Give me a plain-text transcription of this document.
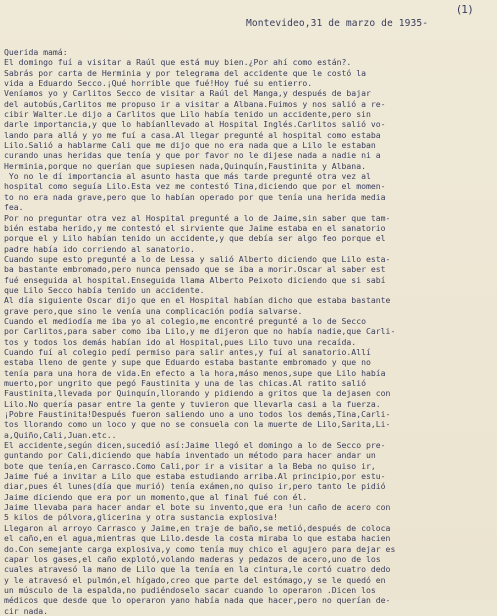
(1)
Montevideo,31 de marzo de 1935-
Querida mamá:
El domingo fuí a visitar a Raúl que está muy bien.¿Por ahí como están?.
Sabrás por carta de Herminia y por telegrama del accidente que le costó la
vida a Eduardo Secco.¡Qué horrible que fué!Hoy fué su entierro.
Veníamos yo y Carlitos Secco de visitar a Raúl del Manga,y después de bajar
del autobús,Carlitos me propuso ir a visitar a Albana.Fuimos y nos salió a re-
cibir Walter.Le dijo a Carlitos que Lilo había tenido un accidente,pero sin
darle importancia,y que lo habíanllevado al Hospital Inglés.Carlitos salió vo-
lando para allá y yo me fuí a casa.Al llegar pregunté al hospital como estaba
Lilo.Salió a hablarme Cali que me dijo que no era nada que a Lilo le estaban
curando unas heridas que tenía y que por favor no le dijese nada a nadie ni a
Herminia,porque no querían que supiesen nada,Quinquín,Faustinita y Albana.
Yo no le dí importancia al asunto hasta que más tarde pregunté otra vez al
hospital como seguía Lilo.Esta vez me contestó Tina,diciendo que por el momen-
to no era nada grave,pero que lo habían operado por que tenía una herida media
fea.
Por no preguntar otra vez al Hospital pregunté a lo de Jaime,sin saber que tam-
bién estaba herido,y me contestó el sirviente que Jaime estaba en el sanatorio
porque el y Lilo habían tenido un accidente,y que debía ser algo feo porque el
padre había ido corriendo al sanatorio.
Cuando supe esto pregunté a lo de Lessa y salió Alberto diciendo que Lilo esta-
ba bastante embromado,pero nunca pensado que se iba a morir.Oscar al saber est
fué enseguida al hospital.Enseguida llama Alberto Peixoto diciendo que si sabí
que Lilo Secco había tenido un accidente.
Al día siguiente Oscar dijo que en el Hospital habían dicho que estaba bastante
grave pero,que sino le venía una complicación podía salvarse.
Cuando el mediodía me iba yo al colegio,me encontré pregunté a lo de Secco
por Carlitos,para saber como iba Lilo,y me dijeron que no había nadie,que Carli-
tos y todos los demás habían ido al Hospital,pues Lilo tuvo una recaída.
Cuando fuí al colegio pedí permiso para salir antes,y fuí al sanatorio.Allí
estaba lleno de gente y supe que Eduardo estaba bastante embromado y que no
tenía para una hora de vida.En efecto a la hora,máso menos,supe que Lilo había
muerto,por ungrito que pegó Faustinita y una de las chicas.Al ratito salió
Faustinita,llevada por Quinquín,llorando y pidiendo a gritos que la dejasen con
Lilo.No quería pasar entre la gente y tuvieron que llevarla casi a la fuerza.
¡Pobre Faustinita!Después fueron saliendo uno a uno todos los demás,Tina,Carli-
tos llorando como un loco y que no se consuela con la muerte de Lilo,Sarita,Li-
a,Quiño,Cali,Juan.etc..
El accidente,según dicen,sucedió así:Jaime llegó el domingo a lo de Secco pre-
guntando por Cali,diciendo que había inventado un método para hacer andar un
bote que tenía,en Carrasco.Como Cali,por ir a visitar a la Beba no quiso ir,
Jaime fué a invitar a Lilo que estaba estudiando arriba.Al principio,por estu-
diar,pues él lunes(día que murió) tenía exámen,no quiso ir,pero tanto le pidió
Jaime diciendo que era por un momento,que al final fué con él.
Jaime llevaba para hacer andar el bote su invento,que era !un caño de acero con
5 kilos de pólvora,glicerina y otra sustancia explosiva!
Llegaron al arroyo Carrasco y Jaime,en traje de baño,se metió,después de coloca
el caño,en el agua,mientras que Lilo.desde la costa miraba lo que estaba hacien
do.Con semejante carga explosiva,y como tenía muy chico el agujero para dejar es
capar los gases,el caño explotó,volando maderas y pedazos de acero,uno de los
cuales atravesó la mano de Lilo que la tenía en la cintura,le cortó cuatro dedo
y le atravesó el pulmón,el hígado,creo que parte del estómago,y se le quedó en
un músculo de la espalda,no pudiéndoselo sacar cuando lo operaron .Dicen los
médicos que desde que lo operaron yano había nada que hacer,pero no querían de-
cir nada.
